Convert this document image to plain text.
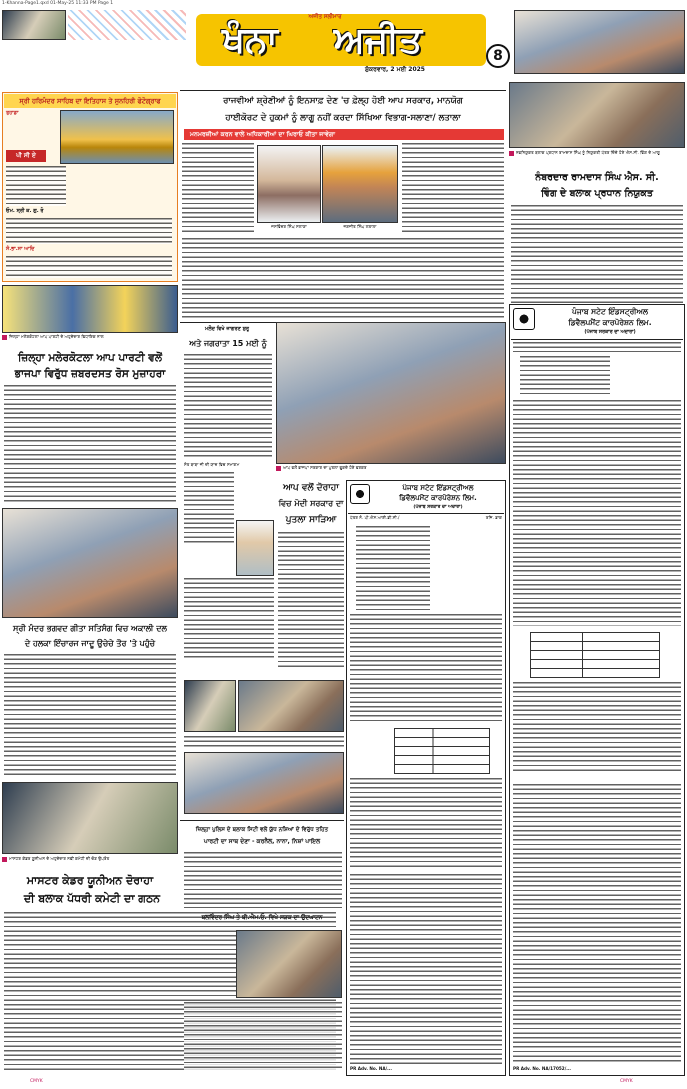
1-Khanna-Page1.qxd 01-May-25 11:33 PM Page 1
ਅਜੀਤ ਸਲੀਮਾਰ
ਖੰਨਾ	ਅਜੀਤ
ਸ਼ੁੱਕਰਵਾਰ, 2 ਮਈ 2025
8
ਸ੍ਰੀ ਹਰਿਮੰਦਰ ਸਾਹਿਬ ਦਾ ਇਤਿਹਾਸ ਤੇ ਸੁਨਹਿਰੀ ਫੋਟੋਗ੍ਰਾਫ
ਤੁਹਾਡਾ
ਪੀ ਸੀ ਏ
ਓਮ. ਸ੍ਰੀ ਕ. ਗੁ. ਰੋ
ਸੰ.ਭਾ.ਸਾ ਆਦਿ
ਜ਼ਿਲ੍ਹਾ ਮਲੇਰਕੋਟਲਾ ਆਪ ਪਾਰਟੀ ਦੇ ਅਹੁਦੇਦਾਰ ਵਿਧਾਇਕ ਨਾਲ
ਜ਼ਿਲ੍ਹਾ ਮਲੇਰਕੋਟਲਾ ਆਪ ਪਾਰਟੀ ਵਲੋਂ
ਭਾਜਪਾ ਵਿਰੁੱਧ ਜ਼ਬਰਦਸਤ ਰੋਸ ਮੁਜ਼ਾਹਰਾ
ਸ੍ਰੀ ਮੰਦਰ ਭਗਵਦ ਗੀਤਾ ਸਤਿਸੰਗ ਵਿਚ ਅਕਾਲੀ ਦਲ
ਦੇ ਹਲਕਾ ਇੰਚਾਰਜ ਜਾਦੂ ਉਚੇਚੇ ਤੌਰ 'ਤੇ ਪਹੁੰਚੇ
ਮਾਸਟਰ ਕੇਡਰ ਯੂਨੀਅਨ ਦੇ ਅਹੁਦੇਦਾਰ ਨਵੀਂ ਕਮੇਟੀ ਦੀ ਚੋਣ ਉਪਰੰਤ
ਮਾਸਟਰ ਕੇਡਰ ਯੂਨੀਅਨ ਦੋਰਾਹਾ
ਦੀ ਬਲਾਕ ਪੱਧਰੀ ਕਮੇਟੀ ਦਾ ਗਠਨ
ਰਾਜਵੀਆਂ ਸ਼੍ਰੇਣੀਆਂ ਨੂੰ ਇਨਸਾਫ਼ ਦੇਣ 'ਚ ਫ਼ੇਲ੍ਹ ਹੋਈ ਆਪ ਸਰਕਾਰ, ਮਾਨਯੋਗ
ਹਾਈਕੋਰਟ ਦੇ ਹੁਕਮਾਂ ਨੂੰ ਲਾਗੂ ਨਹੀਂ ਕਰਦਾ ਸਿੱਖਿਆ ਵਿਭਾਗ-ਸਲਾਣਾ/ ਲਤਾਲਾ
ਮਨਮਰਜ਼ੀਆਂ ਕਰਨ ਵਾਲੇ ਅਧਿਕਾਰੀਆਂ ਦਾ ਘਿਰਾਓ ਕੀਤਾ ਜਾਵੇਗਾ
ਜਸਵਿੰਦਰ ਸਿੰਘ ਸਲਾਣਾ	ਜਗਜੀਤ ਸਿੰਘ ਲਤਾਲਾ
ਨਵਨਿਯੁਕਤ ਬਲਾਕ ਪ੍ਰਧਾਨ ਰਾਮਦਾਸ ਸਿੰਘ ਨੂੰ ਨਿਯੁਕਤੀ ਪੱਤਰ ਦਿੰਦੇ ਹੋਏ ਐਸ.ਸੀ. ਵਿੰਗ ਦੇ ਆਗੂ
ਨੰਬਰਦਾਰ ਰਾਮਦਾਸ ਸਿੰਘ ਐਸ. ਸੀ.
ਵਿੰਗ ਦੇ ਬਲਾਕ ਪ੍ਰਧਾਨ ਨਿਯੁਕਤ
ਮਲੌਦ ਵਿਖੇ ਜਾਗਰਣ ਸ਼ੁਰੂ
ਅਤੇ ਜਗਰਾਤਾ 15 ਮਈ ਨੂੰ
ਸੰਤ ਬਾਬਾ ਜੀ ਦੀ ਯਾਦ ਵਿਚ ਸਮਾਗਮ
ਆਪ ਵਲੋਂ ਭਾਜਪਾ ਸਰਕਾਰ ਦਾ ਪੁਤਲਾ ਫੂਕਦੇ ਹੋਏ ਵਰਕਰ
ਆਪ ਵਲੋਂ ਦੋਰਾਹਾ
ਵਿਚ ਮੋਦੀ ਸਰਕਾਰ ਦਾ
ਪੁਤਲਾ ਸਾੜਿਆ
ਜ਼ਿਲ੍ਹਾ ਪੁਲਿਸ ਦੇ ਬਲਾਕ ਸਿਟੀ ਵਲੋਂ ਯੁੱਧ ਨਸ਼ਿਆਂ ਦੇ ਵਿਰੁੱਧ ਤਹਿਤ
ਪਾਰਟੀ ਦਾ ਸਾਥ ਦੇਣਾ - ਕਰਨੈਲ, ਨਾਨਾ, ਨਿਸ਼ਾਂ ਪਾਇਲ
ਬਲਵਿੰਦਰ ਸਿੰਘ ਤੇ ਬੀ.ਐਮ.ਓ. ਵਿਖੇ ਸੜਕ ਦਾ ਉਦਘਾਟਨ
ਪੰਜਾਬ ਸਟੇਟ ਇੰਡਸਟ੍ਰੀਅਲ
ਡਿਵੈਲਪਮੈਂਟ ਕਾਰਪੋਰੇਸ਼ਨ ਲਿਮ.
(ਪੰਜਾਬ ਸਰਕਾਰ ਦਾ ਅਦਾਰਾ)
ਪੱਤਰ ਨੰ. ਪੀ.ਐਸ.ਆਈ.ਡੀ.ਸੀ./	ਰਜਿ. ਡਾਕ
PR Adv. No. NA/...
ਪੰਜਾਬ ਸਟੇਟ ਇੰਡਸਟ੍ਰੀਅਲ
ਡਿਵੈਲਪਮੈਂਟ ਕਾਰਪੋਰੇਸ਼ਨ ਲਿਮ.
(ਪੰਜਾਬ ਸਰਕਾਰ ਦਾ ਅਦਾਰਾ)
PR Adv. No. NA/17052/...
CMYK	CMYK
